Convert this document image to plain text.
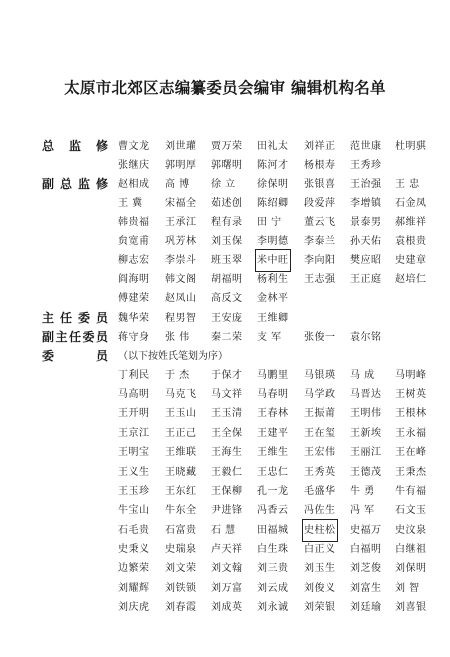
太原市北郊区志编纂委员会编审 编辑机构名单
总 监 修 曹文龙 刘世瓘 贾万荣 田礼太 刘祥正 范世康 杜明骐
张继庆 郭明厚 郭曙明 陈河才 杨根寿 王秀珍
副 总 监 修 赵相成 高 博 徐 立 徐保明 张银喜 王治强 王 忠
王 冀 宋福全 茹述创 陈绍卿 段爱萍 李增镇 石金凤
韩贵福 王承江 程有录 田 宁 董云飞 景泰男 郝维祥
贠宽甫 巩芳林 刘玉保 李明德 李泰兰 孙天佑 袁根贵
柳志宏 李崇斗 班玉翠 米中旺 李向阳 樊应昭 史建章
阎海明 韩文阁 胡福明 杨利生 王志强 王正庭 赵培仁
傅建荣 赵凤山 高反文 金林平
主 任 委 员 魏华荣 程男智 王安庞 王维卿
副 主 任 委 员 蒋守身 张 伟 秦二荣 支 军 张俊一 袁尔铭
委	员 （以下按姓氏笔划为序）
丁利民 于 杰 于保才 马鹏里 马银瑛 马 成 马明峰
马高明 马克飞 马文祥 马春明 马学政 马晋达 王树英
王开明 王玉山 王玉清 王春林 王振莆 王明伟 王根林
王京江 王正己 王全保 王建平 王在玺 王新埃 王永福
王明宝 王维联 王海生 王维生 王宏伟 王丽江 王在峰
王义生 王晓藏 王毅仁 王忠仁 王秀英 王德茂 王秉杰
王玉珍 王东红 王保柳 孔一龙 毛盛华 牛 勇 牛有福
牛宝山 牛东全 尹进锋 冯香云 冯佐生 冯 军 石文玉
石毛贵 石富贵 石 慧 田福城 史柱松 史福万 史汶泉
史秉义 史瑞泉 卢天祥 白生珠 白正义 白福明 白继祖
边繁荣 刘文荣 刘文翰 刘三贵 刘玉生 刘芝俊 刘保明
刘耀辉 刘铁锁 刘万富 刘云成 刘俊义 刘富生 刘 智
刘庆虎 刘春霞 刘成英 刘永诚 刘荣银 刘廷瑜 刘喜银
